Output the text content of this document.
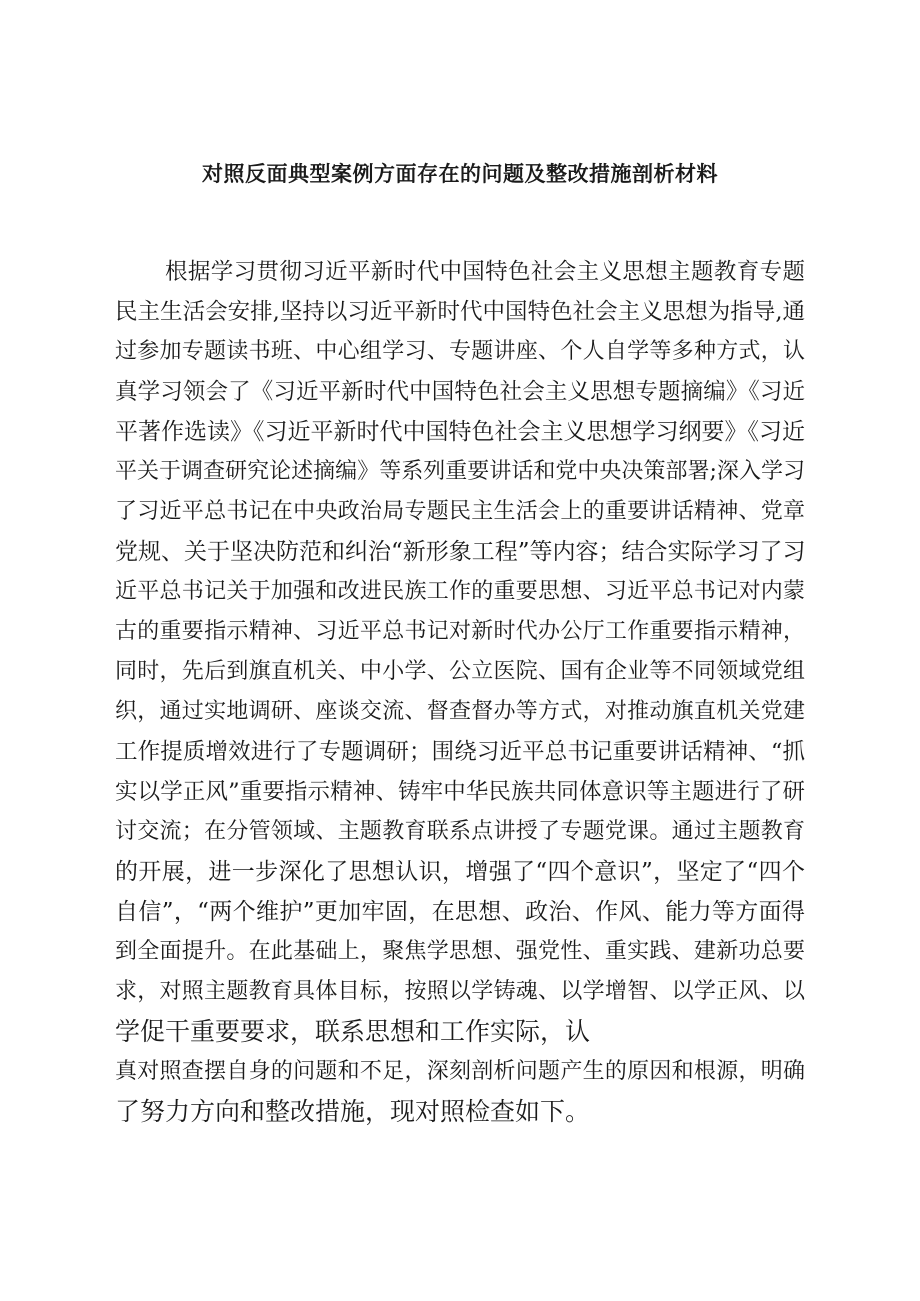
对照反面典型案例方面存在的问题及整改措施剖析材料
根据学习贯彻习近平新时代中国特色社会主义思想主题教育专题
民主生活会安排,坚持以习近平新时代中国特色社会主义思想为指导,通
过参加专题读书班、中心组学习、专题讲座、个人自学等多种方式，认
真学习领会了《习近平新时代中国特色社会主义思想专题摘编》《习近
平著作选读》《习近平新时代中国特色社会主义思想学习纲要》《习近
平关于调查研究论述摘编》等系列重要讲话和党中央决策部署;深入学习
了习近平总书记在中央政治局专题民主生活会上的重要讲话精神、党章
党规、关于坚决防范和纠治“新形象工程”等内容；结合实际学习了习
近平总书记关于加强和改进民族工作的重要思想、习近平总书记对内蒙
古的重要指示精神、习近平总书记对新时代办公厅工作重要指示精神，
同时，先后到旗直机关、中小学、公立医院、国有企业等不同领域党组
织，通过实地调研、座谈交流、督查督办等方式，对推动旗直机关党建
工作提质增效进行了专题调研；围绕习近平总书记重要讲话精神、“抓
实以学正风”重要指示精神、铸牢中华民族共同体意识等主题进行了研
讨交流；在分管领域、主题教育联系点讲授了专题党课。通过主题教育
的开展，进一步深化了思想认识，增强了“四个意识”，坚定了“四个
自信”，“两个维护”更加牢固，在思想、政治、作风、能力等方面得
到全面提升。在此基础上，聚焦学思想、强党性、重实践、建新功总要
求，对照主题教育具体目标，按照以学铸魂、以学增智、以学正风、以
学促干重要要求，联系思想和工作实际，认
真对照查摆自身的问题和不足，深刻剖析问题产生的原因和根源，明确
了努力方向和整改措施，现对照检查如下。
